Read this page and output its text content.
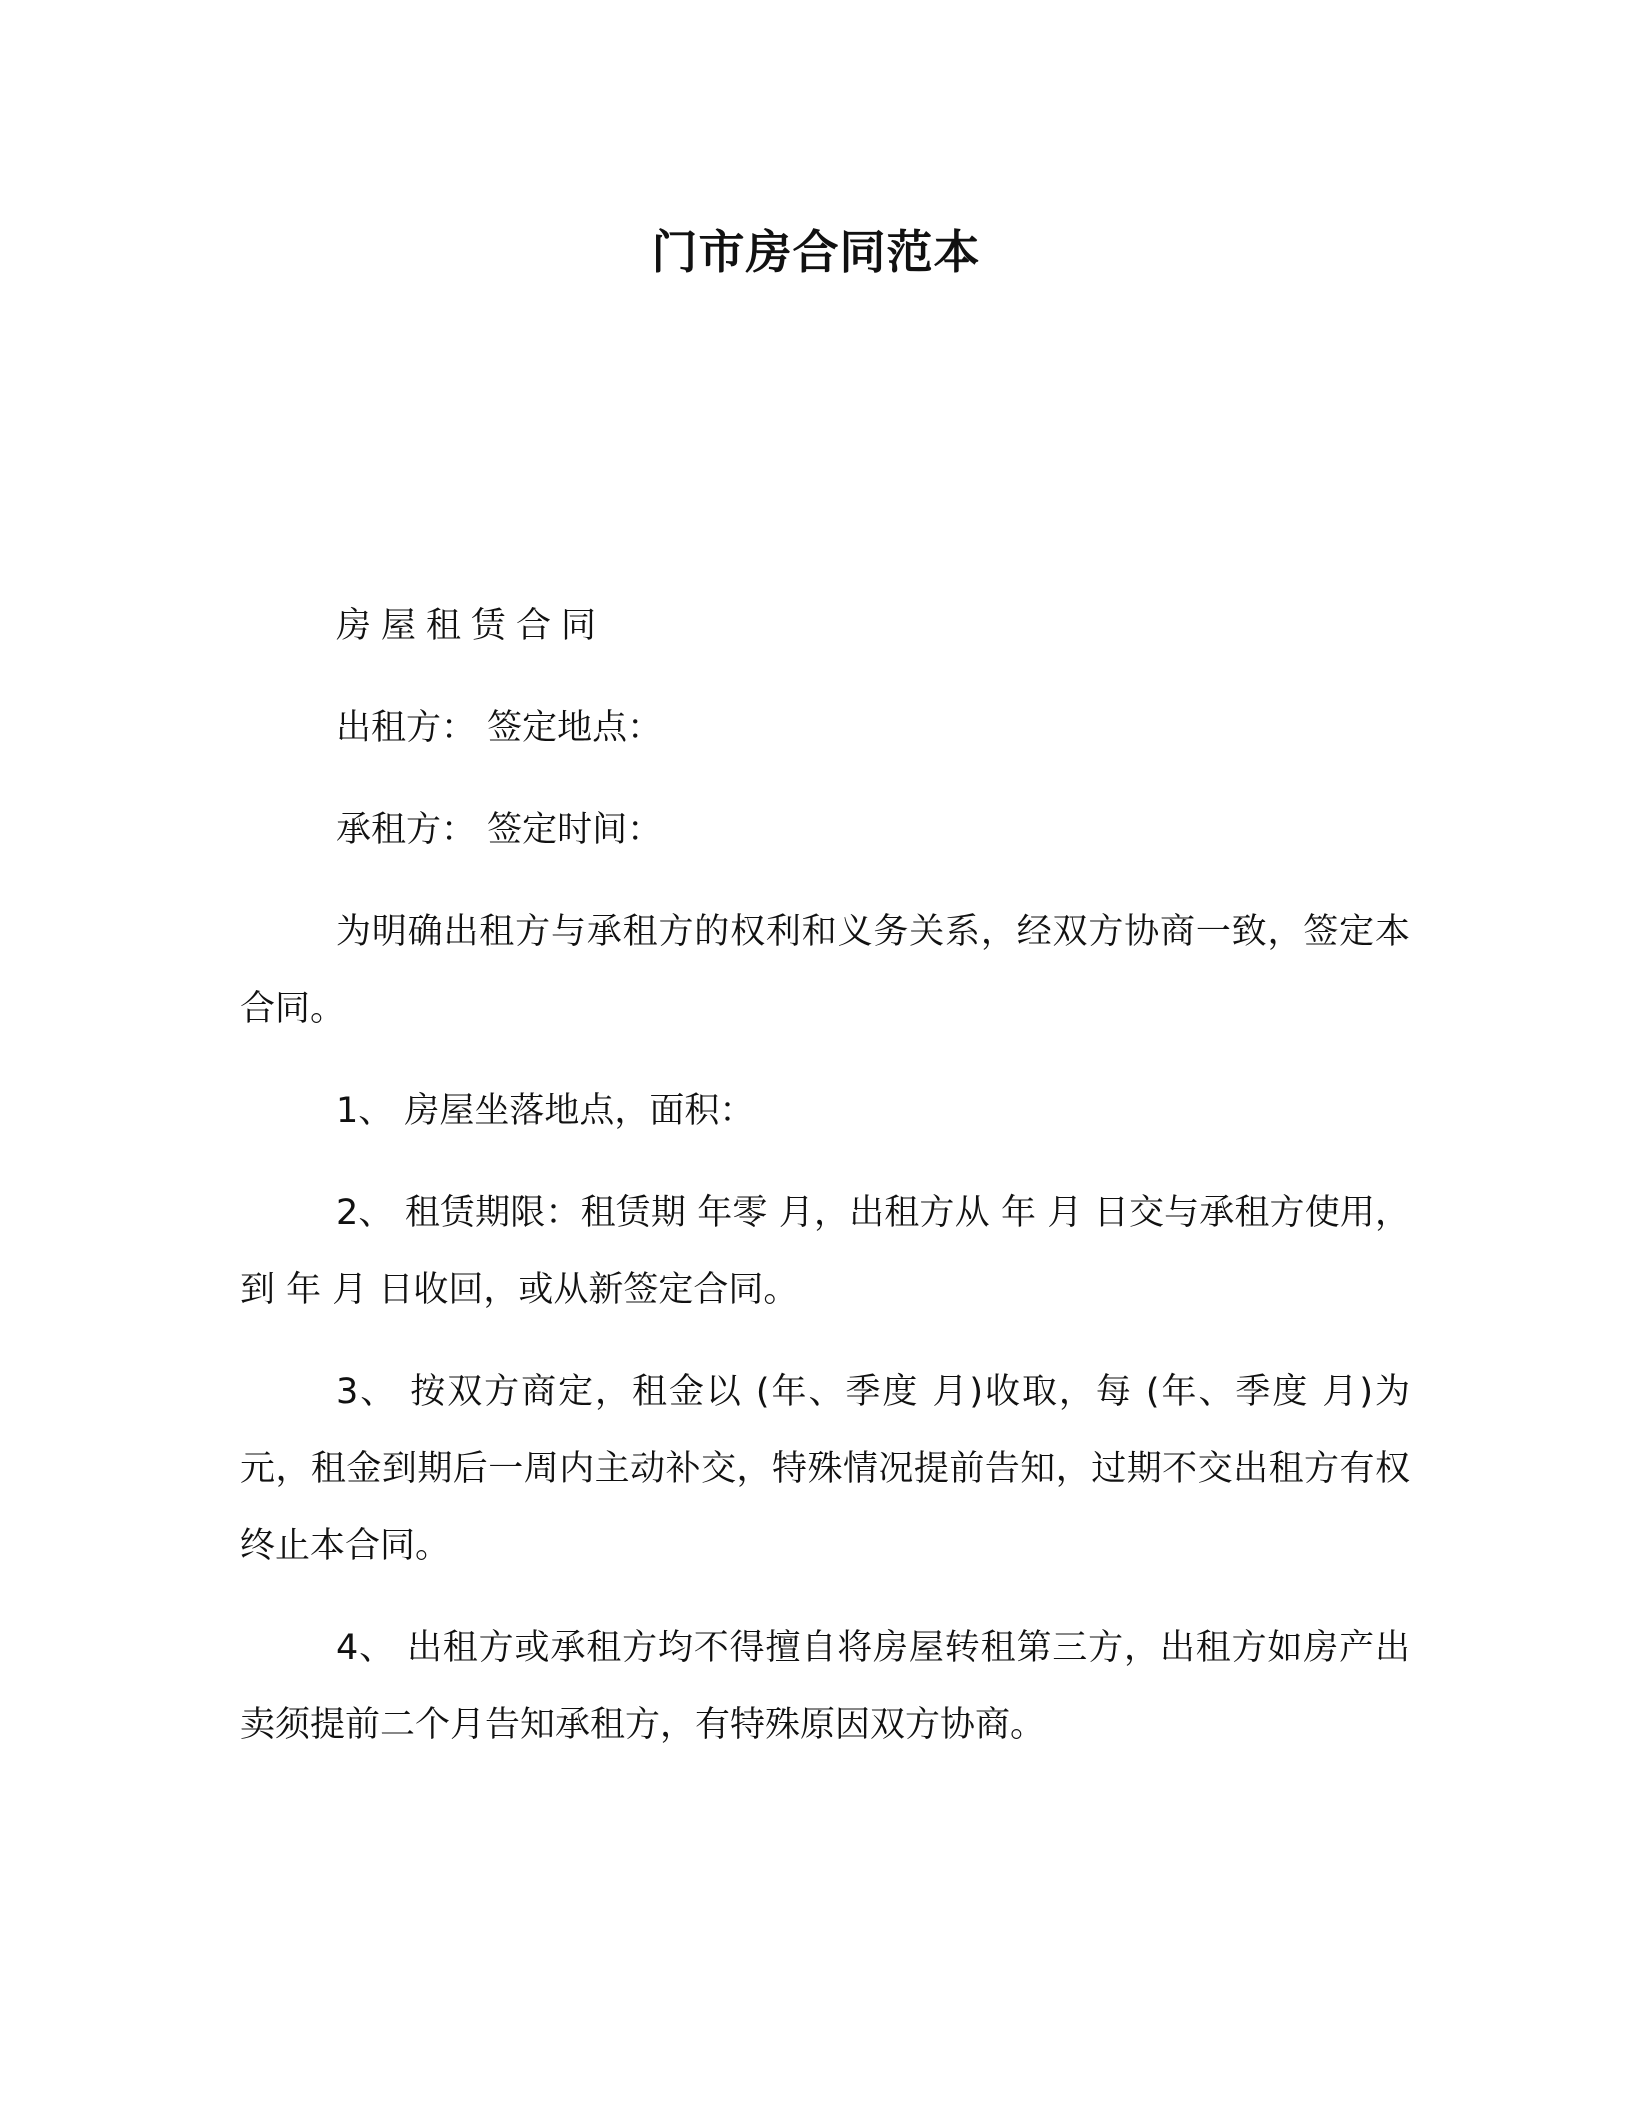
门市房合同范本
房屋租赁合同
出租方： 签定地点：
承租方： 签定时间：

为明确出租方与承租方的权利和义务关系，经双方协商一致，签定本合同。

1、 房屋坐落地点，面积：

2、 租赁期限：租赁期 年零 月，出租方从 年 月 日交与承租方使用，到 年 月 日收回，或从新签定合同。

3、 按双方商定，租金以 (年、季度 月)收取，每 (年、季度 月)为 元，租金到期后一周内主动补交，特殊情况提前告知，过期不交出租方有权终止本合同。

4、 出租方或承租方均不得擅自将房屋转租第三方，出租方如房产出卖须提前二个月告知承租方，有特殊原因双方协商。
